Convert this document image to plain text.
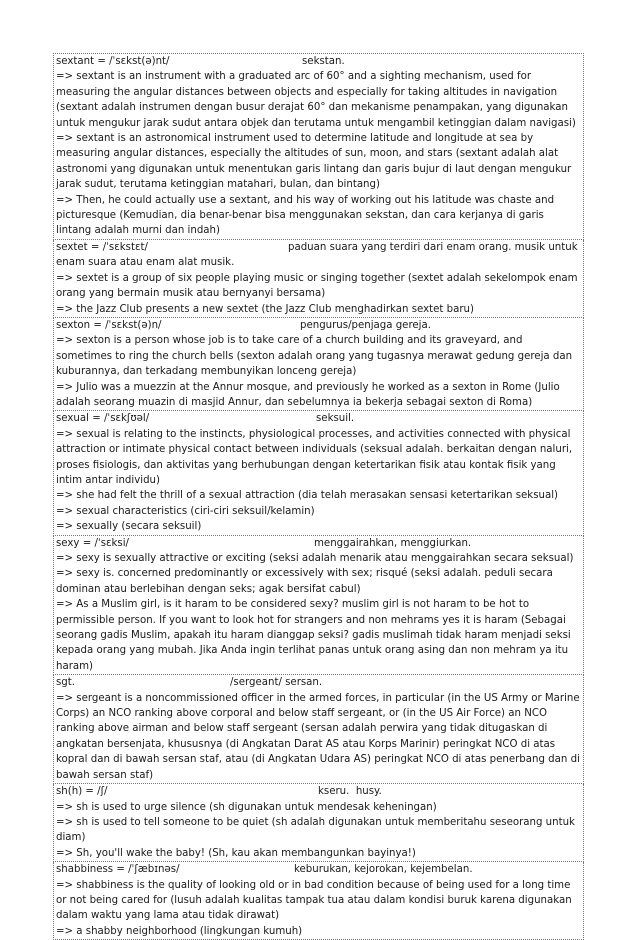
sextant = /ˈsɛkst(ə)nt/	sekstan.
=> sextant is an instrument with a graduated arc of 60° and a sighting mechanism, used for measuring the angular distances between objects and especially for taking altitudes in navigation (sextant adalah instrumen dengan busur derajat 60° dan mekanisme penampakan, yang digunakan untuk mengukur jarak sudut antara objek dan terutama untuk mengambil ketinggian dalam navigasi)
=> sextant is an astronomical instrument used to determine latitude and longitude at sea by measuring angular distances, especially the altitudes of sun, moon, and stars (sextant adalah alat astronomi yang digunakan untuk menentukan garis lintang dan garis bujur di laut dengan mengukur jarak sudut, terutama ketinggian matahari, bulan, dan bintang)
=> Then, he could actually use a sextant, and his way of working out his latitude was chaste and picturesque (Kemudian, dia benar-benar bisa menggunakan sekstan, dan cara kerjanya di garis lintang adalah murni dan indah)
sextet = /ˈsɛkstɛt/	paduan suara yang terdiri dari enam orang. musik untuk enam suara atau enam alat musik.
=> sextet is a group of six people playing music or singing together (sextet adalah sekelompok enam orang yang bermain musik atau bernyanyi bersama)
=> the Jazz Club presents a new sextet (the Jazz Club menghadirkan sextet baru)
sexton = /ˈsɛkst(ə)n/	pengurus/penjaga gereja.
=> sexton is a person whose job is to take care of a church building and its graveyard, and sometimes to ring the church bells (sexton adalah orang yang tugasnya merawat gedung gereja dan kuburannya, dan terkadang membunyikan lonceng gereja)
=> Julio was a muezzin at the Annur mosque, and previously he worked as a sexton in Rome (Julio adalah seorang muazin di masjid Annur, dan sebelumnya ia bekerja sebagai sexton di Roma)
sexual = /ˈsɛkʃʊəl/	seksuil.
=> sexual is relating to the instincts, physiological processes, and activities connected with physical attraction or intimate physical contact between individuals (seksual adalah. berkaitan dengan naluri, proses fisiologis, dan aktivitas yang berhubungan dengan ketertarikan fisik atau kontak fisik yang intim antar individu)
=> she had felt the thrill of a sexual attraction (dia telah merasakan sensasi ketertarikan seksual)
=> sexual characteristics (ciri-ciri seksuil/kelamin)
=> sexually (secara seksuil)
sexy = /ˈsɛksi/	menggairahkan, menggiurkan.
=> sexy is sexually attractive or exciting (seksi adalah menarik atau menggairahkan secara seksual)
=> sexy is. concerned predominantly or excessively with sex; risqué (seksi adalah. peduli secara dominan atau berlebihan dengan seks; agak bersifat cabul)
=> As a Muslim girl, is it haram to be considered sexy? muslim girl is not haram to be hot to permissible person. If you want to look hot for strangers and non mehrams yes it is haram (Sebagai seorang gadis Muslim, apakah itu haram dianggap seksi? gadis muslimah tidak haram menjadi seksi kepada orang yang mubah. Jika Anda ingin terlihat panas untuk orang asing dan non mehram ya itu haram)
sgt.	/sergeant/ sersan.
=> sergeant is a noncommissioned officer in the armed forces, in particular (in the US Army or Marine Corps) an NCO ranking above corporal and below staff sergeant, or (in the US Air Force) an NCO ranking above airman and below staff sergeant (sersan adalah perwira yang tidak ditugaskan di angkatan bersenjata, khususnya (di Angkatan Darat AS atau Korps Marinir) peringkat NCO di atas kopral dan di bawah sersan staf, atau (di Angkatan Udara AS) peringkat NCO di atas penerbang dan di bawah sersan staf)
sh(h) = /ʃ/	kseru.  husy.
=> sh is used to urge silence (sh digunakan untuk mendesak keheningan)
=> sh is used to tell someone to be quiet (sh adalah digunakan untuk memberitahu seseorang untuk diam)
=> Sh, you'll wake the baby! (Sh, kau akan membangunkan bayinya!)
shabbiness = /ˈʃæbɪnəs/	keburukan, kejorokan, kejembelan.
=> shabbiness is the quality of looking old or in bad condition because of being used for a long time or not being cared for (lusuh adalah kualitas tampak tua atau dalam kondisi buruk karena digunakan dalam waktu yang lama atau tidak dirawat)
=> a shabby neighborhood (lingkungan kumuh)
